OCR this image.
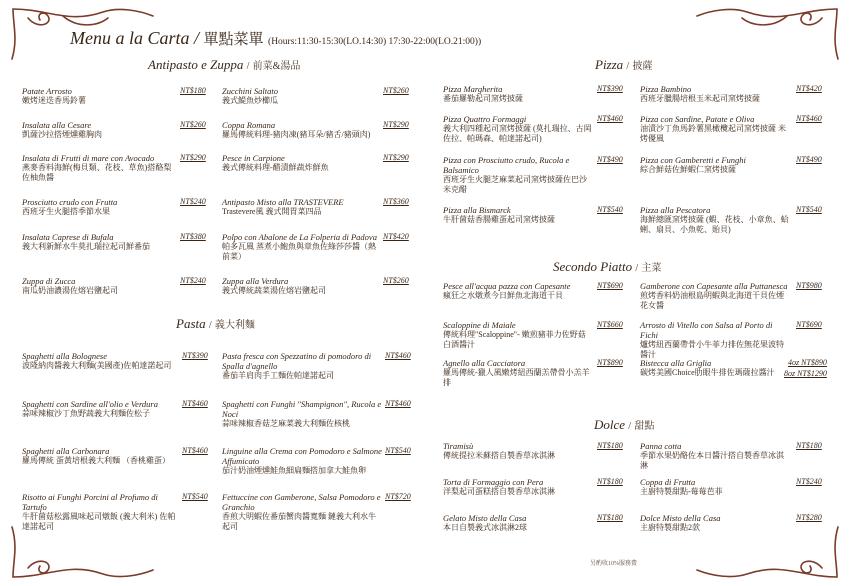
Menu a la Carta / 單點菜單 (Hours:11:30-15:30(LO.14:30) 17:30-22:00(LO.21:00))
Antipasto e Zuppa / 前菜&湯品
Pasta / 義大利麵
Pizza / 披薩
Secondo Piatto / 主菜
Dolce / 甜點
Patate Arrosto
嫩烤迷迭香馬鈴薯
NT$180
Insalata alla Cesare
凱薩沙拉搭煙燻雞胸肉
NT$260
Insalata di Frutti di mare con Avocado
燕麥香料海鮮(梅貝類、花枝、草魚)搭酪梨佐柚魚醬
NT$290
Prosciutto crudo con Frutta
西班牙生火腿搭季節水果
NT$240
Insalata Caprese di Bufala
義大利新鮮水牛莫扎瑞拉起司鮮番茄
NT$380
Zuppa di Zucca
南瓜奶油濃湯佐熔岩鹽起司
NT$240
Zucchini Saltato
義式鯷魚炒櫛瓜
NT$260
Coppa Romana
羅馬傳統料理-豬肉凍(豬耳朵/豬舌/豬頭肉)
NT$290
Pesce in Carpione
義式傳統料理-醋漬鮮蔬炸鮮魚
NT$290
Antipasto Misto alla TRASTEVERE
Trastevere風 義式開胃菜四品
NT$360
Polpo con Abalone de La Folperia di Padova
帕多瓦風 蒸煮小鮑魚與章魚佐綠莎莎醬（熱前菜）
NT$420
Zuppa alla Verdura
義式傳統蔬菜湯佐熔岩鹽起司
NT$260
Spaghetti alla Bolognese
波隆納肉醬義大利麵(美國產)佐帕達諾起司
NT$390
Spaghetti con Sardine all'olio e Verdura
蒜味辣椒沙丁魚野蔬義大利麵佐松子
NT$460
Spaghetti alla Carbonara
羅馬傳統 蛋黃培根義大利麵 （香桃雞蛋）
NT$460
Risotto ai Funghi Porcini al Profumo di Tartufo
牛肝菌菇松露風味起司燉飯 (義大利米) 佐帕達諾起司
NT$540
Pasta fresca con Spezzatino di pomodoro di Spalla d'agnello
番茄羊肩肉手工麵佐帕達諾起司
NT$460
Spaghetti con Funghi "Shampignon", Rucola e Noci
蒜味辣椒香菇芝麻菜義大利麵佐核桃
NT$460
Linguine alla Crema con Pomodoro e Salmone Affumicato
茄汁奶油煙燻鮭魚細扁麵搭加拿大鮭魚卵
NT$540
Fettuccine con Gamberone, Salsa Pomodoro e Granchio
香煎大明蝦佐番茄蟹肉醬寬麵 鏈義大利水牛起司
NT$720
Pizza Margherita
番茄羅勒起司窯烤披薩
NT$390
Pizza Quattro Formaggi
義大利四種起司窯烤披薩 (莫扎瑞拉、古岡佐拉、帕瑪森、帕達諾起司)
NT$460
Pizza con Prosciutto crudo, Rucola e Balsamico
西班牙生火腿芝麻菜起司窯烤披薩佐巴沙米克醋
NT$490
Pizza alla Bismarck
牛肝菌菇香腸雞蛋起司窯烤披薩
NT$540
Pizza Bambino
西班牙臘腸培根玉米起司窯烤披薩
NT$420
Pizza con Sardine, Patate e Oliva
油漬沙丁魚馬鈴薯黑橄欖起司窯烤披薩 米烤優風
NT$460
Pizza con Gamberetti e Funghi
綜合鮮菇佐鮮蝦仁窯烤披薩
NT$490
Pizza alla Pescatora
海鮮總匯窯烤披薩 (蝦、花枝、小章魚、蛤蜊、扇貝、小魚乾、貽貝)
NT$540
Pesce all'acqua pazza con Capesante
瘋狂之水燉煮今日鮮魚北海道干貝
NT$690
Scaloppine di Maiale
傳統料理"Scaloppine"- 嫩煎豬菲力佐野菇白酒醬汁
NT$660
Agnello alla Cacciatora
羅馬傳統-獵人風嫩烤紐西蘭羔帶骨小羔羊排
NT$890
Gamberone con Capesante alla Puttanesca
煎烤香料奶油根島明蝦與北海道干貝佐煙花女醬
NT$980
Arrosto di Vitello con Salsa al Porto di Fichi
爐烤紐西蘭帶骨小牛菲力排佐無花果波特醬汁
NT$690
Bistecca alla Griglia
碳烤美國Choice肋眼牛排佐瑪薩拉醬汁
4oz NT$890
8oz NT$1290
Tiramisù
傳統提拉米蘇搭自製香草冰淇淋
NT$180
Torta di Formaggio con Pera
洋梨起司蛋糕搭自製香草冰淇淋
NT$180
Gelato Misto della Casa
本日自製義式冰淇淋2球
NT$180
Panna cotta
季節水果奶酪佐本日醬汁搭自製香草冰淇淋
NT$180
Coppa di Frutta
主廚特製甜點-莓莓芭菲
NT$240
Dolce Misto della Casa
主廚特製甜點2款
NT$280
另酌收10%服務費
